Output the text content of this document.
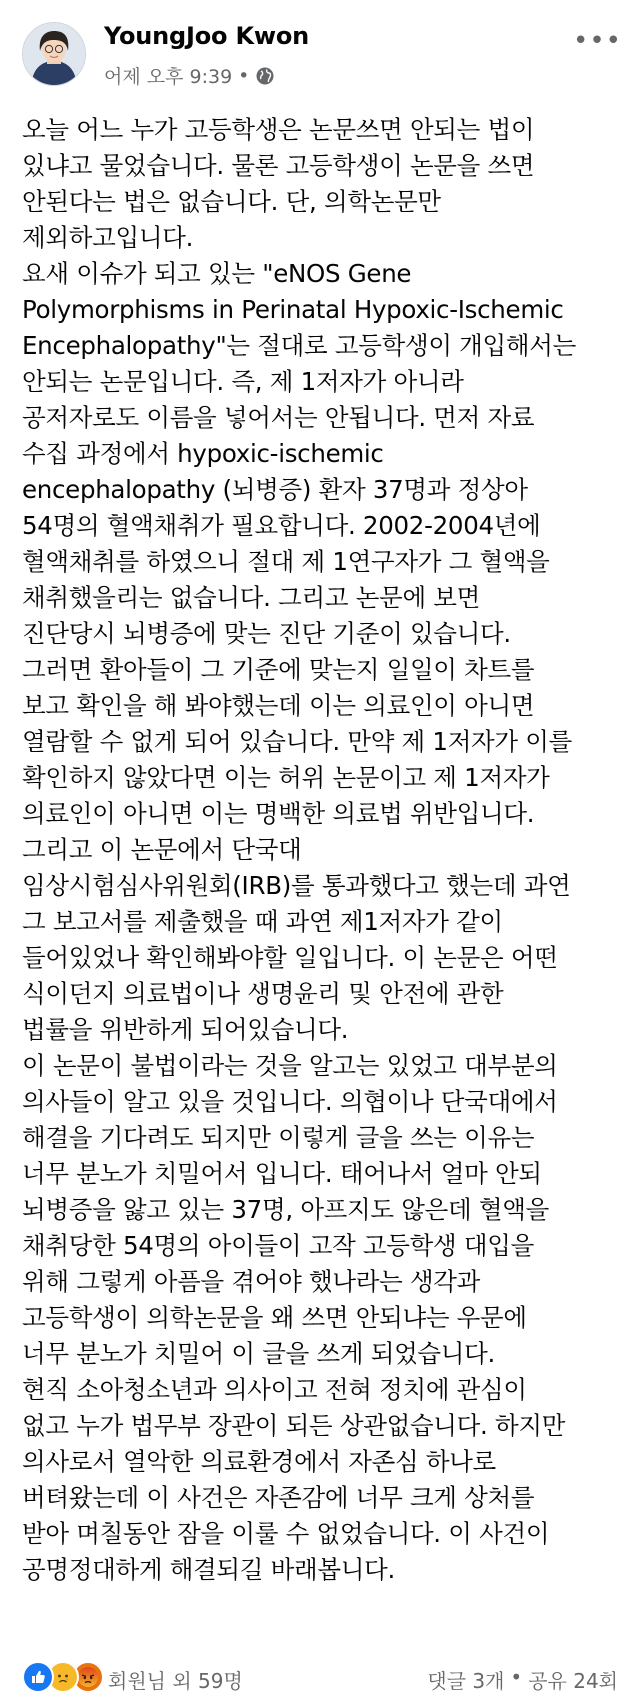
YoungJoo Kwon
어제 오후 9:39 •
•••
오늘 어느 누가 고등학생은 논문쓰면 안되는 법이
있냐고 물었습니다. 물론 고등학생이 논문을 쓰면
안된다는 법은 없습니다. 단, 의학논문만
제외하고입니다.
요새 이슈가 되고 있는 "eNOS Gene
Polymorphisms in Perinatal Hypoxic-Ischemic
Encephalopathy"는 절대로 고등학생이 개입해서는
안되는 논문입니다. 즉, 제 1저자가 아니라
공저자로도 이름을 넣어서는 안됩니다. 먼저 자료
수집 과정에서 hypoxic-ischemic
encephalopathy (뇌병증) 환자 37명과 정상아
54명의 혈액채취가 필요합니다. 2002-2004년에
혈액채취를 하였으니 절대 제 1연구자가 그 혈액을
채취했을리는 없습니다. 그리고 논문에 보면
진단당시 뇌병증에 맞는 진단 기준이 있습니다.
그러면 환아들이 그 기준에 맞는지 일일이 차트를
보고 확인을 해 봐야했는데 이는 의료인이 아니면
열람할 수 없게 되어 있습니다. 만약 제 1저자가 이를
확인하지 않았다면 이는 허위 논문이고 제 1저자가
의료인이 아니면 이는 명백한 의료법 위반입니다.
그리고 이 논문에서 단국대
임상시험심사위원회(IRB)를 통과했다고 했는데 과연
그 보고서를 제출했을 때 과연 제1저자가 같이
들어있었나 확인해봐야할 일입니다. 이 논문은 어떤
식이던지 의료법이나 생명윤리 및 안전에 관한
법률을 위반하게 되어있습니다.
이 논문이 불법이라는 것을 알고는 있었고 대부분의
의사들이 알고 있을 것입니다. 의협이나 단국대에서
해결을 기다려도 되지만 이렇게 글을 쓰는 이유는
너무 분노가 치밀어서 입니다. 태어나서 얼마 안되
뇌병증을 앓고 있는 37명, 아프지도 않은데 혈액을
채취당한 54명의 아이들이 고작 고등학생 대입을
위해 그렇게 아픔을 겪어야 했나라는 생각과
고등학생이 의학논문을 왜 쓰면 안되냐는 우문에
너무 분노가 치밀어 이 글을 쓰게 되었습니다.
현직 소아청소년과 의사이고 전혀 정치에 관심이
없고 누가 법무부 장관이 되든 상관없습니다. 하지만
의사로서 열악한 의료환경에서 자존심 하나로
버텨왔는데 이 사건은 자존감에 너무 크게 상처를
받아 며칠동안 잠을 이룰 수 없었습니다. 이 사건이
공명정대하게 해결되길 바래봅니다.
회원님 외 59명	댓글 3개 • 공유 24회
